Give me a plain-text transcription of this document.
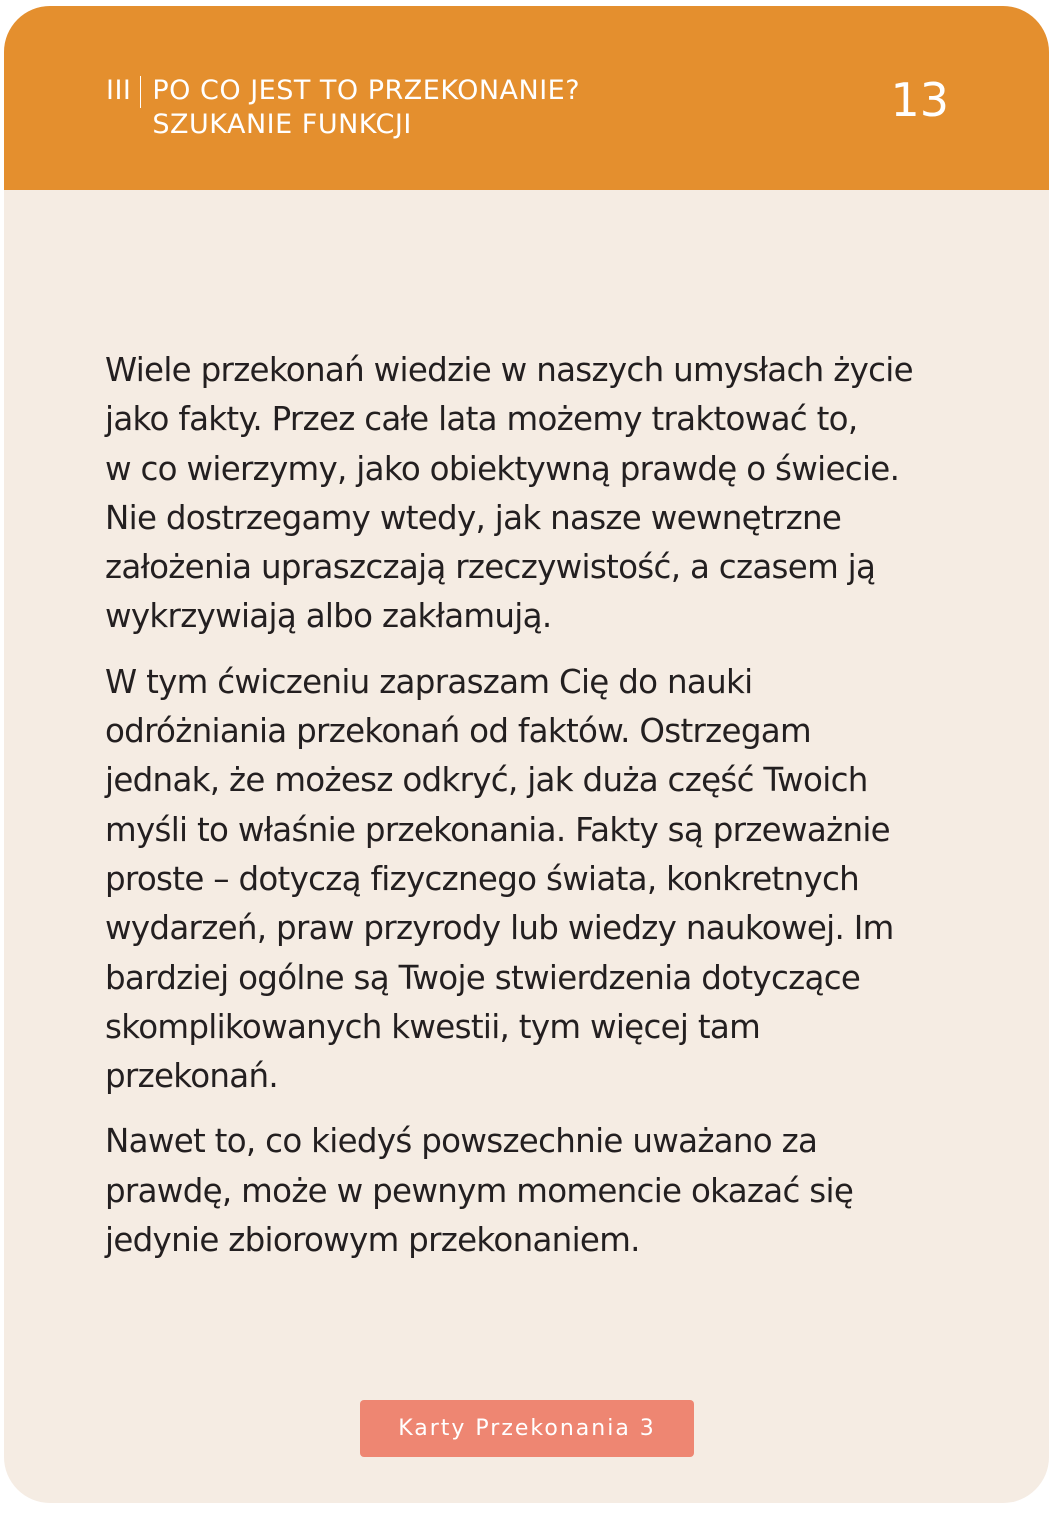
III PO CO JEST TO PRZEKONANIE?
SZUKANIE FUNKCJI	13

Wiele przekonań wiedzie w naszych umysłach życie
jako fakty. Przez całe lata możemy traktować to,
w co wierzymy, jako obiektywną prawdę o świecie.
Nie dostrzegamy wtedy, jak nasze wewnętrzne
założenia upraszczają rzeczywistość, a czasem ją
wykrzywiają albo zakłamują.

W tym ćwiczeniu zapraszam Cię do nauki
odróżniania przekonań od faktów. Ostrzegam
jednak, że możesz odkryć, jak duża część Twoich
myśli to właśnie przekonania. Fakty są przeważnie
proste – dotyczą fizycznego świata, konkretnych
wydarzeń, praw przyrody lub wiedzy naukowej. Im
bardziej ogólne są Twoje stwierdzenia dotyczące
skomplikowanych kwestii, tym więcej tam
przekonań.

Nawet to, co kiedyś powszechnie uważano za
prawdę, może w pewnym momencie okazać się
jedynie zbiorowym przekonaniem.

Karty Przekonania 3
